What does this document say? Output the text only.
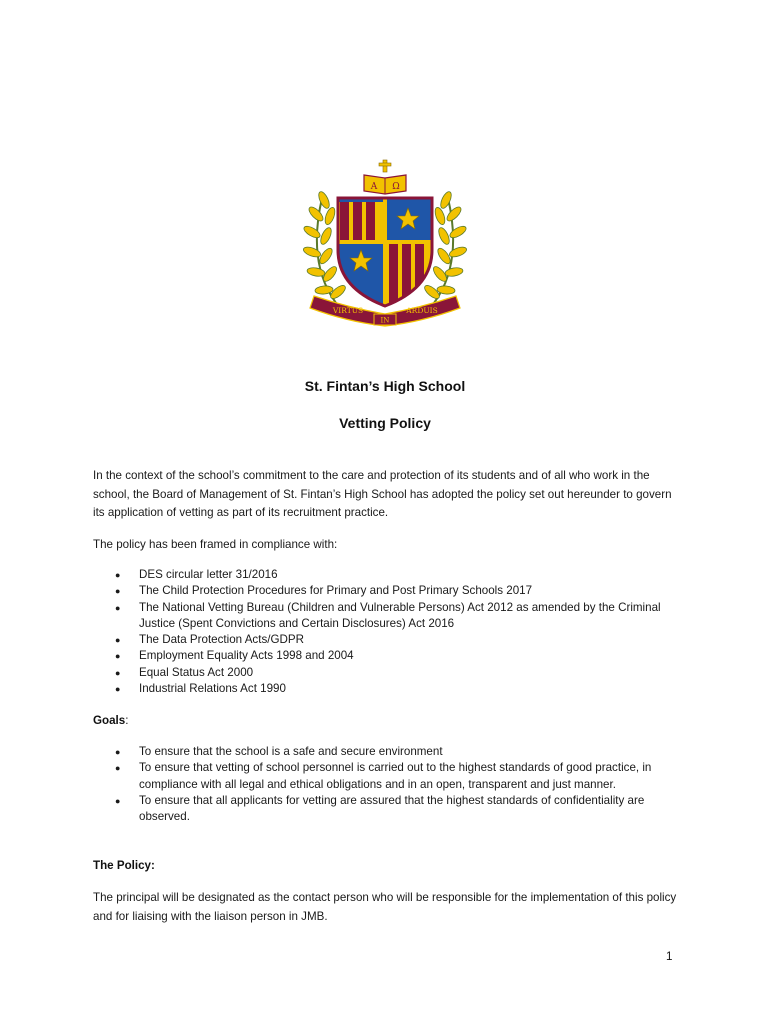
A Ω
VIRTUS
IN
ARDUIS
St. Fintan’s High School
Vetting Policy
In the context of the school’s commitment to the care and protection of its students and of all who work in the school, the Board of Management of St. Fintan’s High School has adopted the policy set out hereunder to govern its application of vetting as part of its recruitment practice.
The policy has been framed in compliance with:
● DES circular letter 31/2016
● The Child Protection Procedures for Primary and Post Primary Schools 2017
● The National Vetting Bureau (Children and Vulnerable Persons) Act 2012 as amended by the Criminal Justice (Spent Convictions and Certain Disclosures) Act 2016
● The Data Protection Acts/GDPR
● Employment Equality Acts 1998 and 2004
● Equal Status Act 2000
● Industrial Relations Act 1990
Goals:
● To ensure that the school is a safe and secure environment
● To ensure that vetting of school personnel is carried out to the highest standards of good practice, in compliance with all legal and ethical obligations and in an open, transparent and just manner.
● To ensure that all applicants for vetting are assured that the highest standards of confidentiality are observed.
The Policy:
The principal will be designated as the contact person who will be responsible for the implementation of this policy and for liaising with the liaison person in JMB.
1
